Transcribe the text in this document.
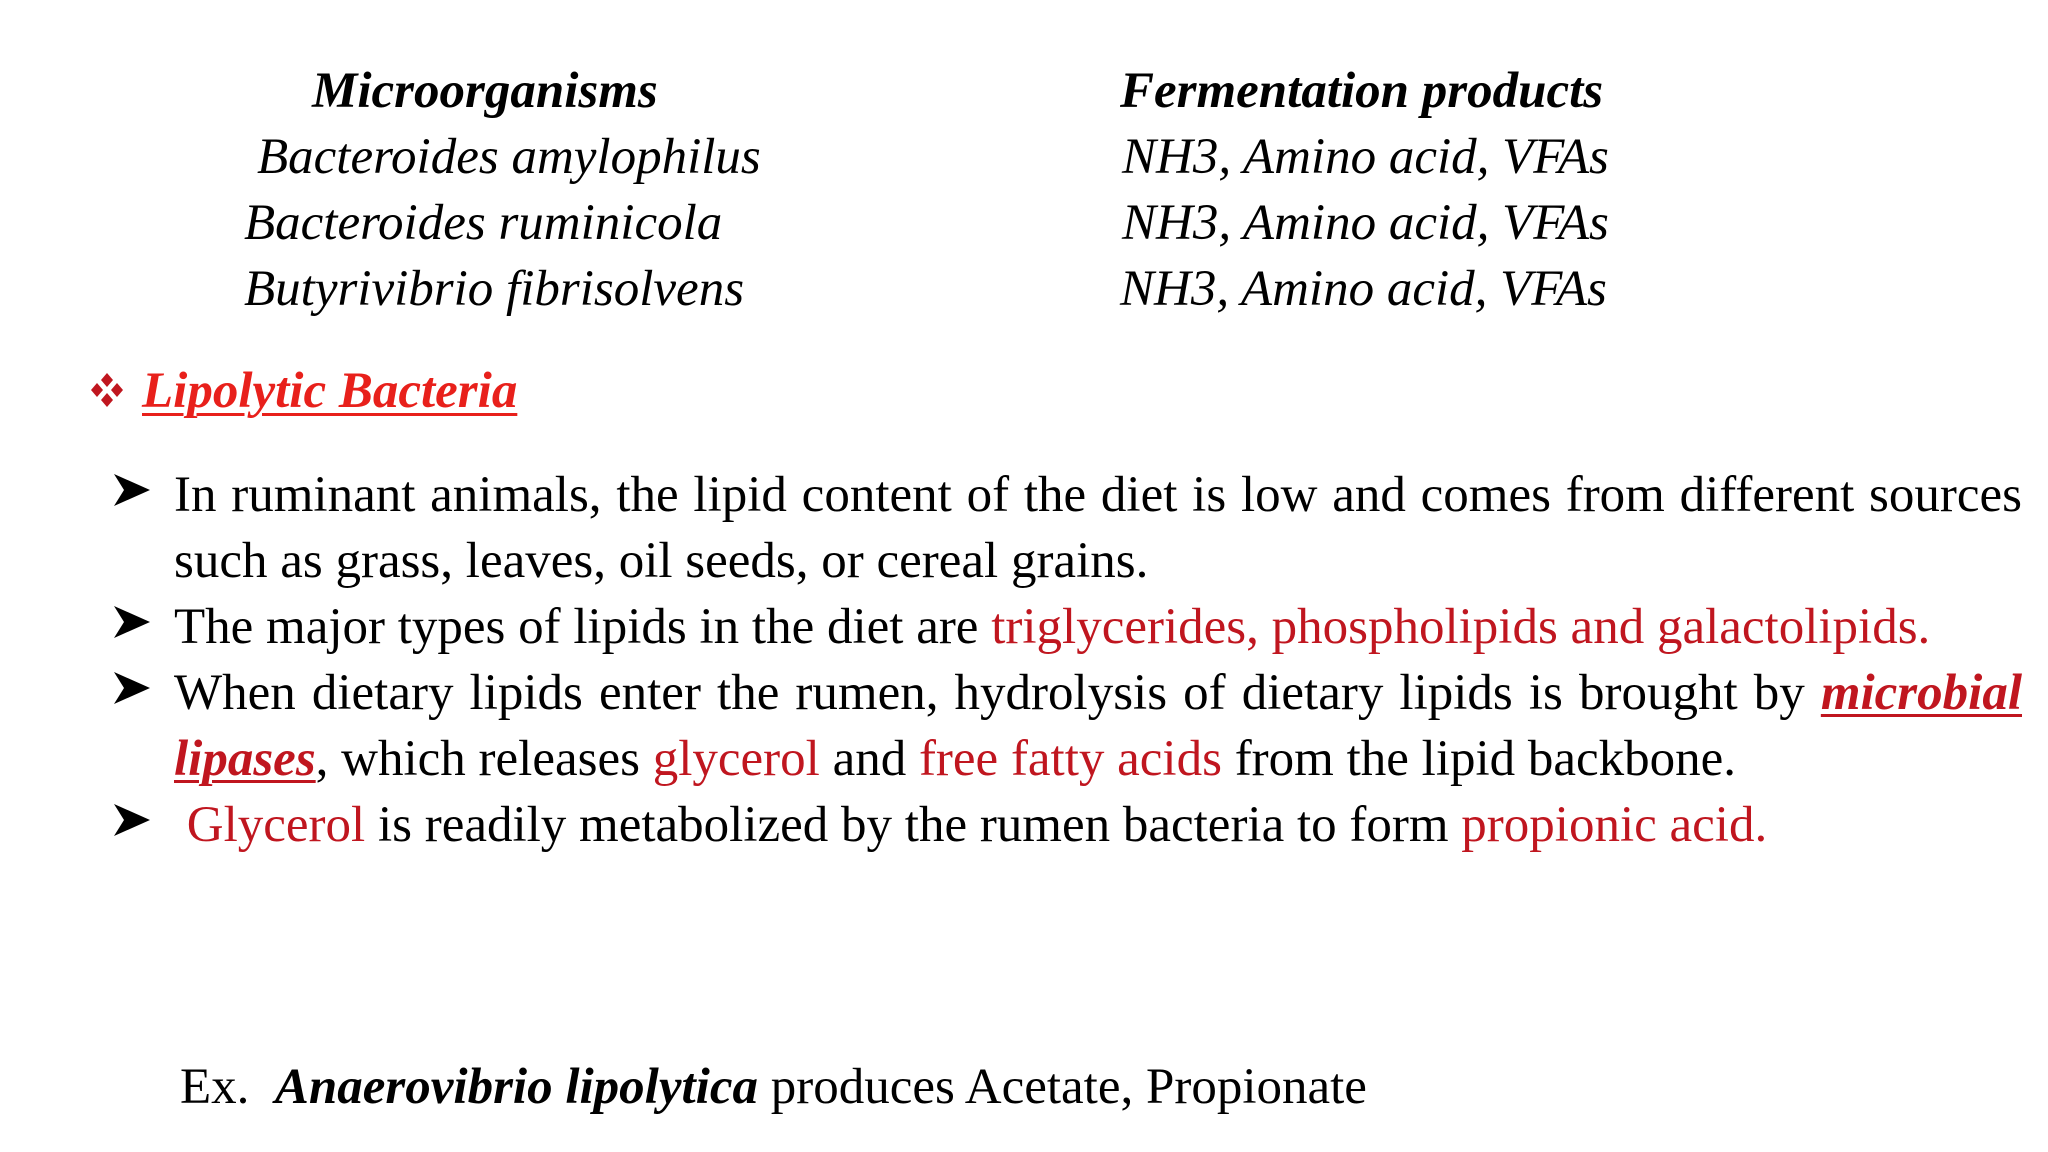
Microorganisms
Bacteroides amylophilus
Bacteroides ruminicola
Butyrivibrio fibrisolvens
Fermentation products
NH3, Amino acid, VFAs
NH3, Amino acid, VFAs
NH3, Amino acid, VFAs
Lipolytic Bacteria

In ruminant animals, the lipid content of the diet is low and comes from different sources such as grass, leaves, oil seeds, or cereal grains.

The major types of lipids in the diet are triglycerides, phospholipids and galactolipids.

When dietary lipids enter the rumen, hydrolysis of dietary lipids is brought by microbial lipases, which releases glycerol and free fatty acids from the lipid backbone.

Glycerol is readily metabolized by the rumen bacteria to form propionic acid.

Ex.  Anaerovibrio lipolytica produces Acetate, Propionate
